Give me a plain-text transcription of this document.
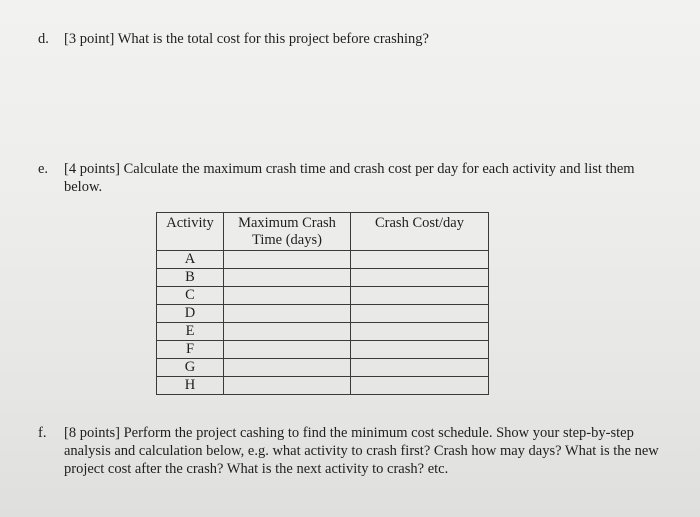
d. [3 point] What is the total cost for this project before crashing?
e. [4 points] Calculate the maximum crash time and crash cost per day for each activity and list them below.
Activity	Maximum Crash Time (days)	Crash Cost/day
A		
B		
C		
D		
E		
F		
G		
H		
f. [8 points] Perform the project cashing to find the minimum cost schedule. Show your step-by-step analysis and calculation below, e.g. what activity to crash first? Crash how may days? What is the new project cost after the crash? What is the next activity to crash? etc.
